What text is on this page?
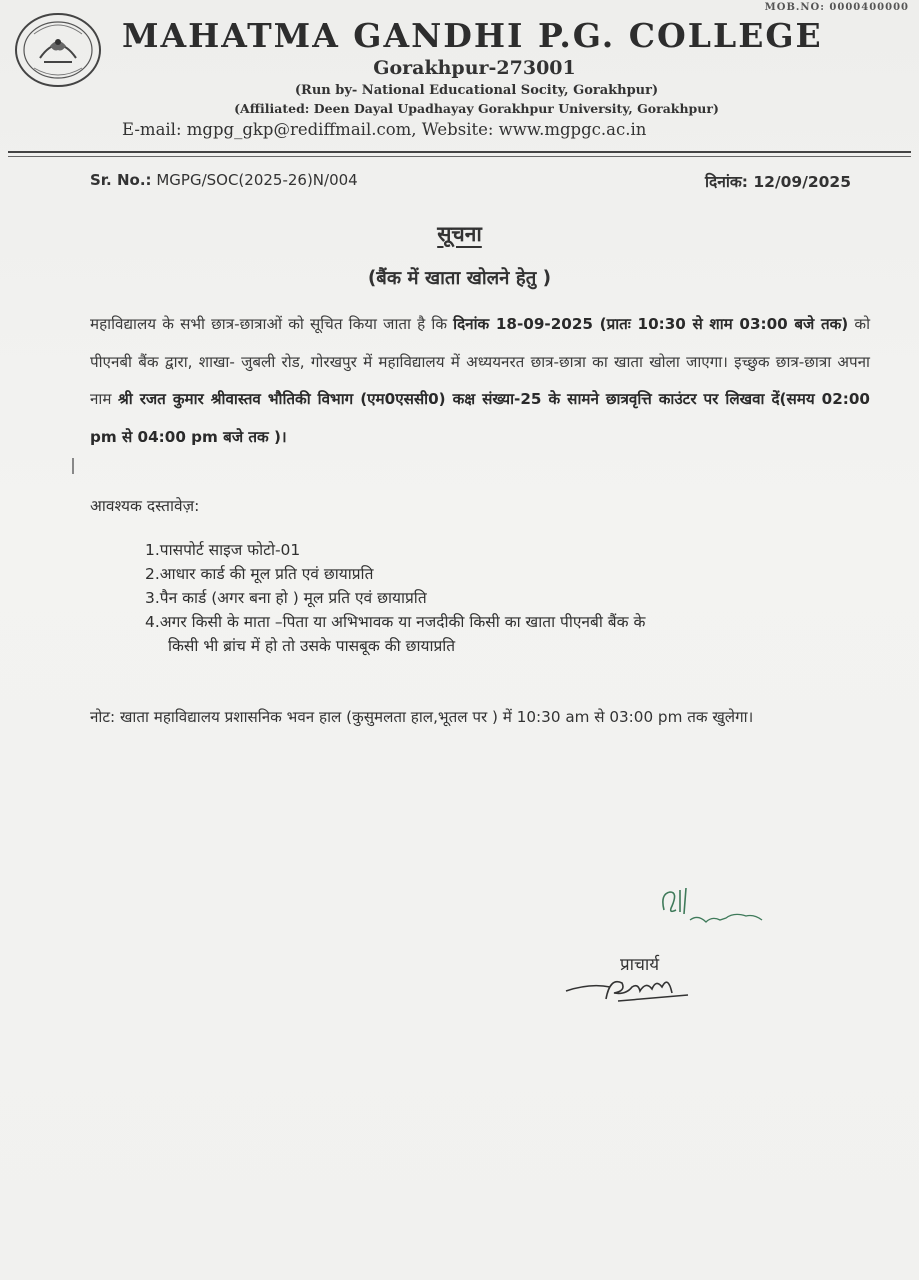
MOB.NO: 0000400000
MAHATMA GANDHI P.G. COLLEGE
Gorakhpur-273001
(Run by- National Educational Socity, Gorakhpur)
(Affiliated: Deen Dayal Upadhayay Gorakhpur University, Gorakhpur)
E-mail: mgpg_gkp@rediffmail.com, Website: www.mgpgc.ac.in
Sr. No.: MGPG/SOC(2025-26)N/004	दिनांक: 12/09/2025
सूचना
(बैंक में खाता खोलने हेतु )
महाविद्यालय के सभी छात्र-छात्राओं को सूचित किया जाता है कि दिनांक 18-09-2025 (प्रातः 10:30 से शाम 03:00 बजे तक) को पीएनबी बैंक द्वारा, शाखा- जुबली रोड, गोरखपुर में महाविद्यालय में अध्ययनरत छात्र-छात्रा का खाता खोला जाएगा। इच्छुक छात्र-छात्रा अपना नाम श्री रजत कुमार श्रीवास्तव भौतिकी विभाग (एम0एससी0) कक्ष संख्या-25 के सामने छात्रवृत्ति काउंटर पर लिखवा दें(समय 02:00 pm से 04:00 pm बजे तक )।
आवश्यक दस्तावेज़:
1.पासपोर्ट साइज फोटो-01
2.आधार कार्ड की मूल प्रति एवं छायाप्रति
3.पैन कार्ड (अगर बना हो ) मूल प्रति एवं छायाप्रति
4.अगर किसी के माता –पिता या अभिभावक या नजदीकी किसी का खाता पीएनबी बैंक के
किसी भी ब्रांच में हो तो उसके पासबूक की छायाप्रति
नोट: खाता महाविद्यालय प्रशासनिक भवन हाल (कुसुमलता हाल,भूतल पर ) में 10:30 am से 03:00 pm तक खुलेगा।
प्राचार्य
